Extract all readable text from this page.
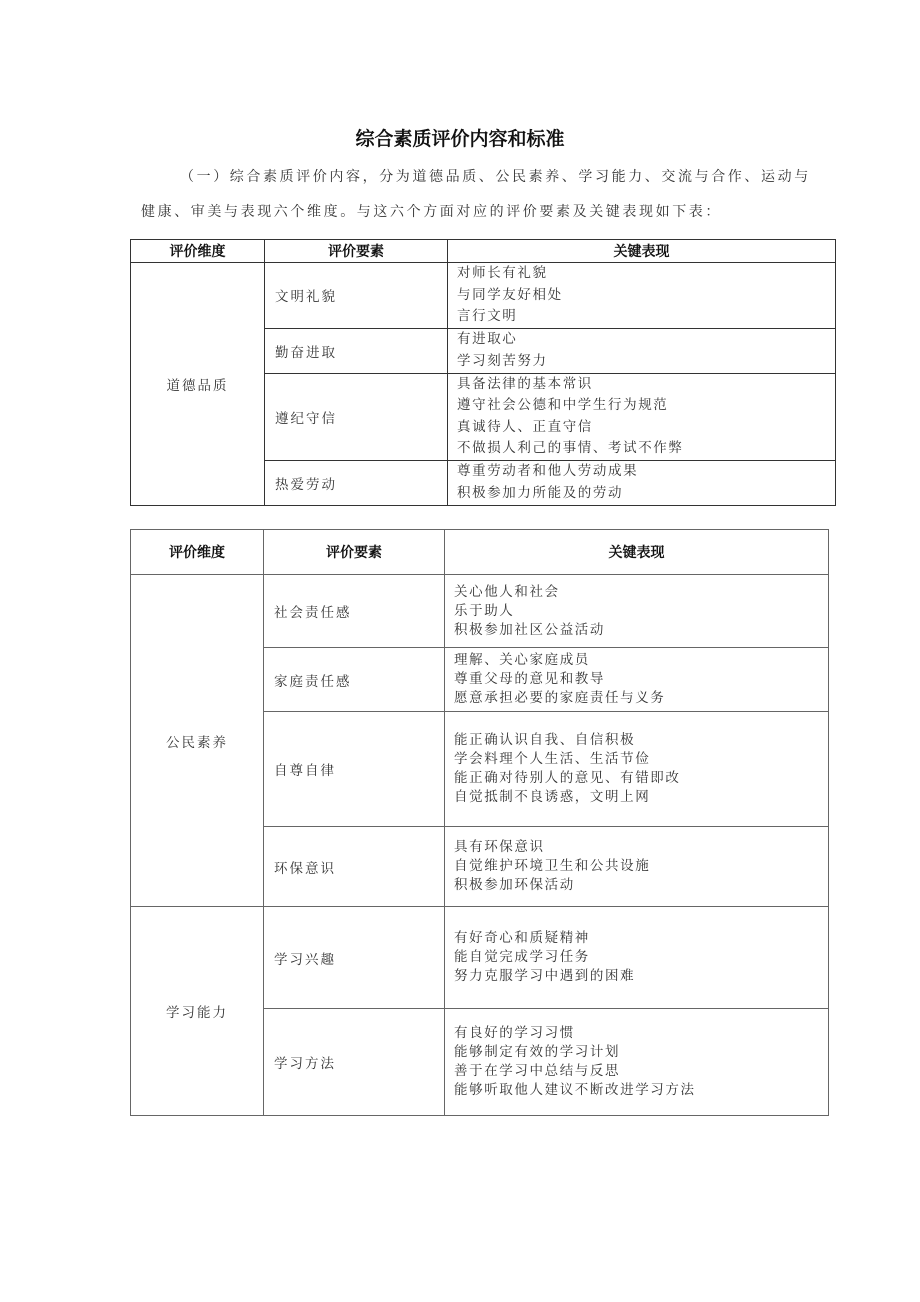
综合素质评价内容和标准
（一）综合素质评价内容，分为道德品质、公民素养、学习能力、交流与合作、运动与
健康、审美与表现六个维度。与这六个方面对应的评价要素及关键表现如下表：
评价维度	评价要素	关键表现
道德品质	文明礼貌	对师长有礼貌
与同学友好相处
言行文明

	勤奋进取	有进取心
学习刻苦努力

	遵纪守信	具备法律的基本常识
遵守社会公德和中学生行为规范
真诚待人、正直守信
不做损人利己的事情、考试不作弊

	热爱劳动	尊重劳动者和他人劳动成果
积极参加力所能及的劳动
评价维度	评价要素	关键表现
公民素养	社会责任感	关心他人和社会
乐于助人
积极参加社区公益活动

	家庭责任感	理解、关心家庭成员
尊重父母的意见和教导
愿意承担必要的家庭责任与义务

	自尊自律	能正确认识自我、自信积极
学会料理个人生活、生活节俭
能正确对待别人的意见、有错即改
自觉抵制不良诱惑，文明上网

	环保意识	具有环保意识
自觉维护环境卫生和公共设施
积极参加环保活动

学习能力	学习兴趣	有好奇心和质疑精神
能自觉完成学习任务
努力克服学习中遇到的困难

	学习方法	有良好的学习习惯
能够制定有效的学习计划
善于在学习中总结与反思
能够听取他人建议不断改进学习方法
